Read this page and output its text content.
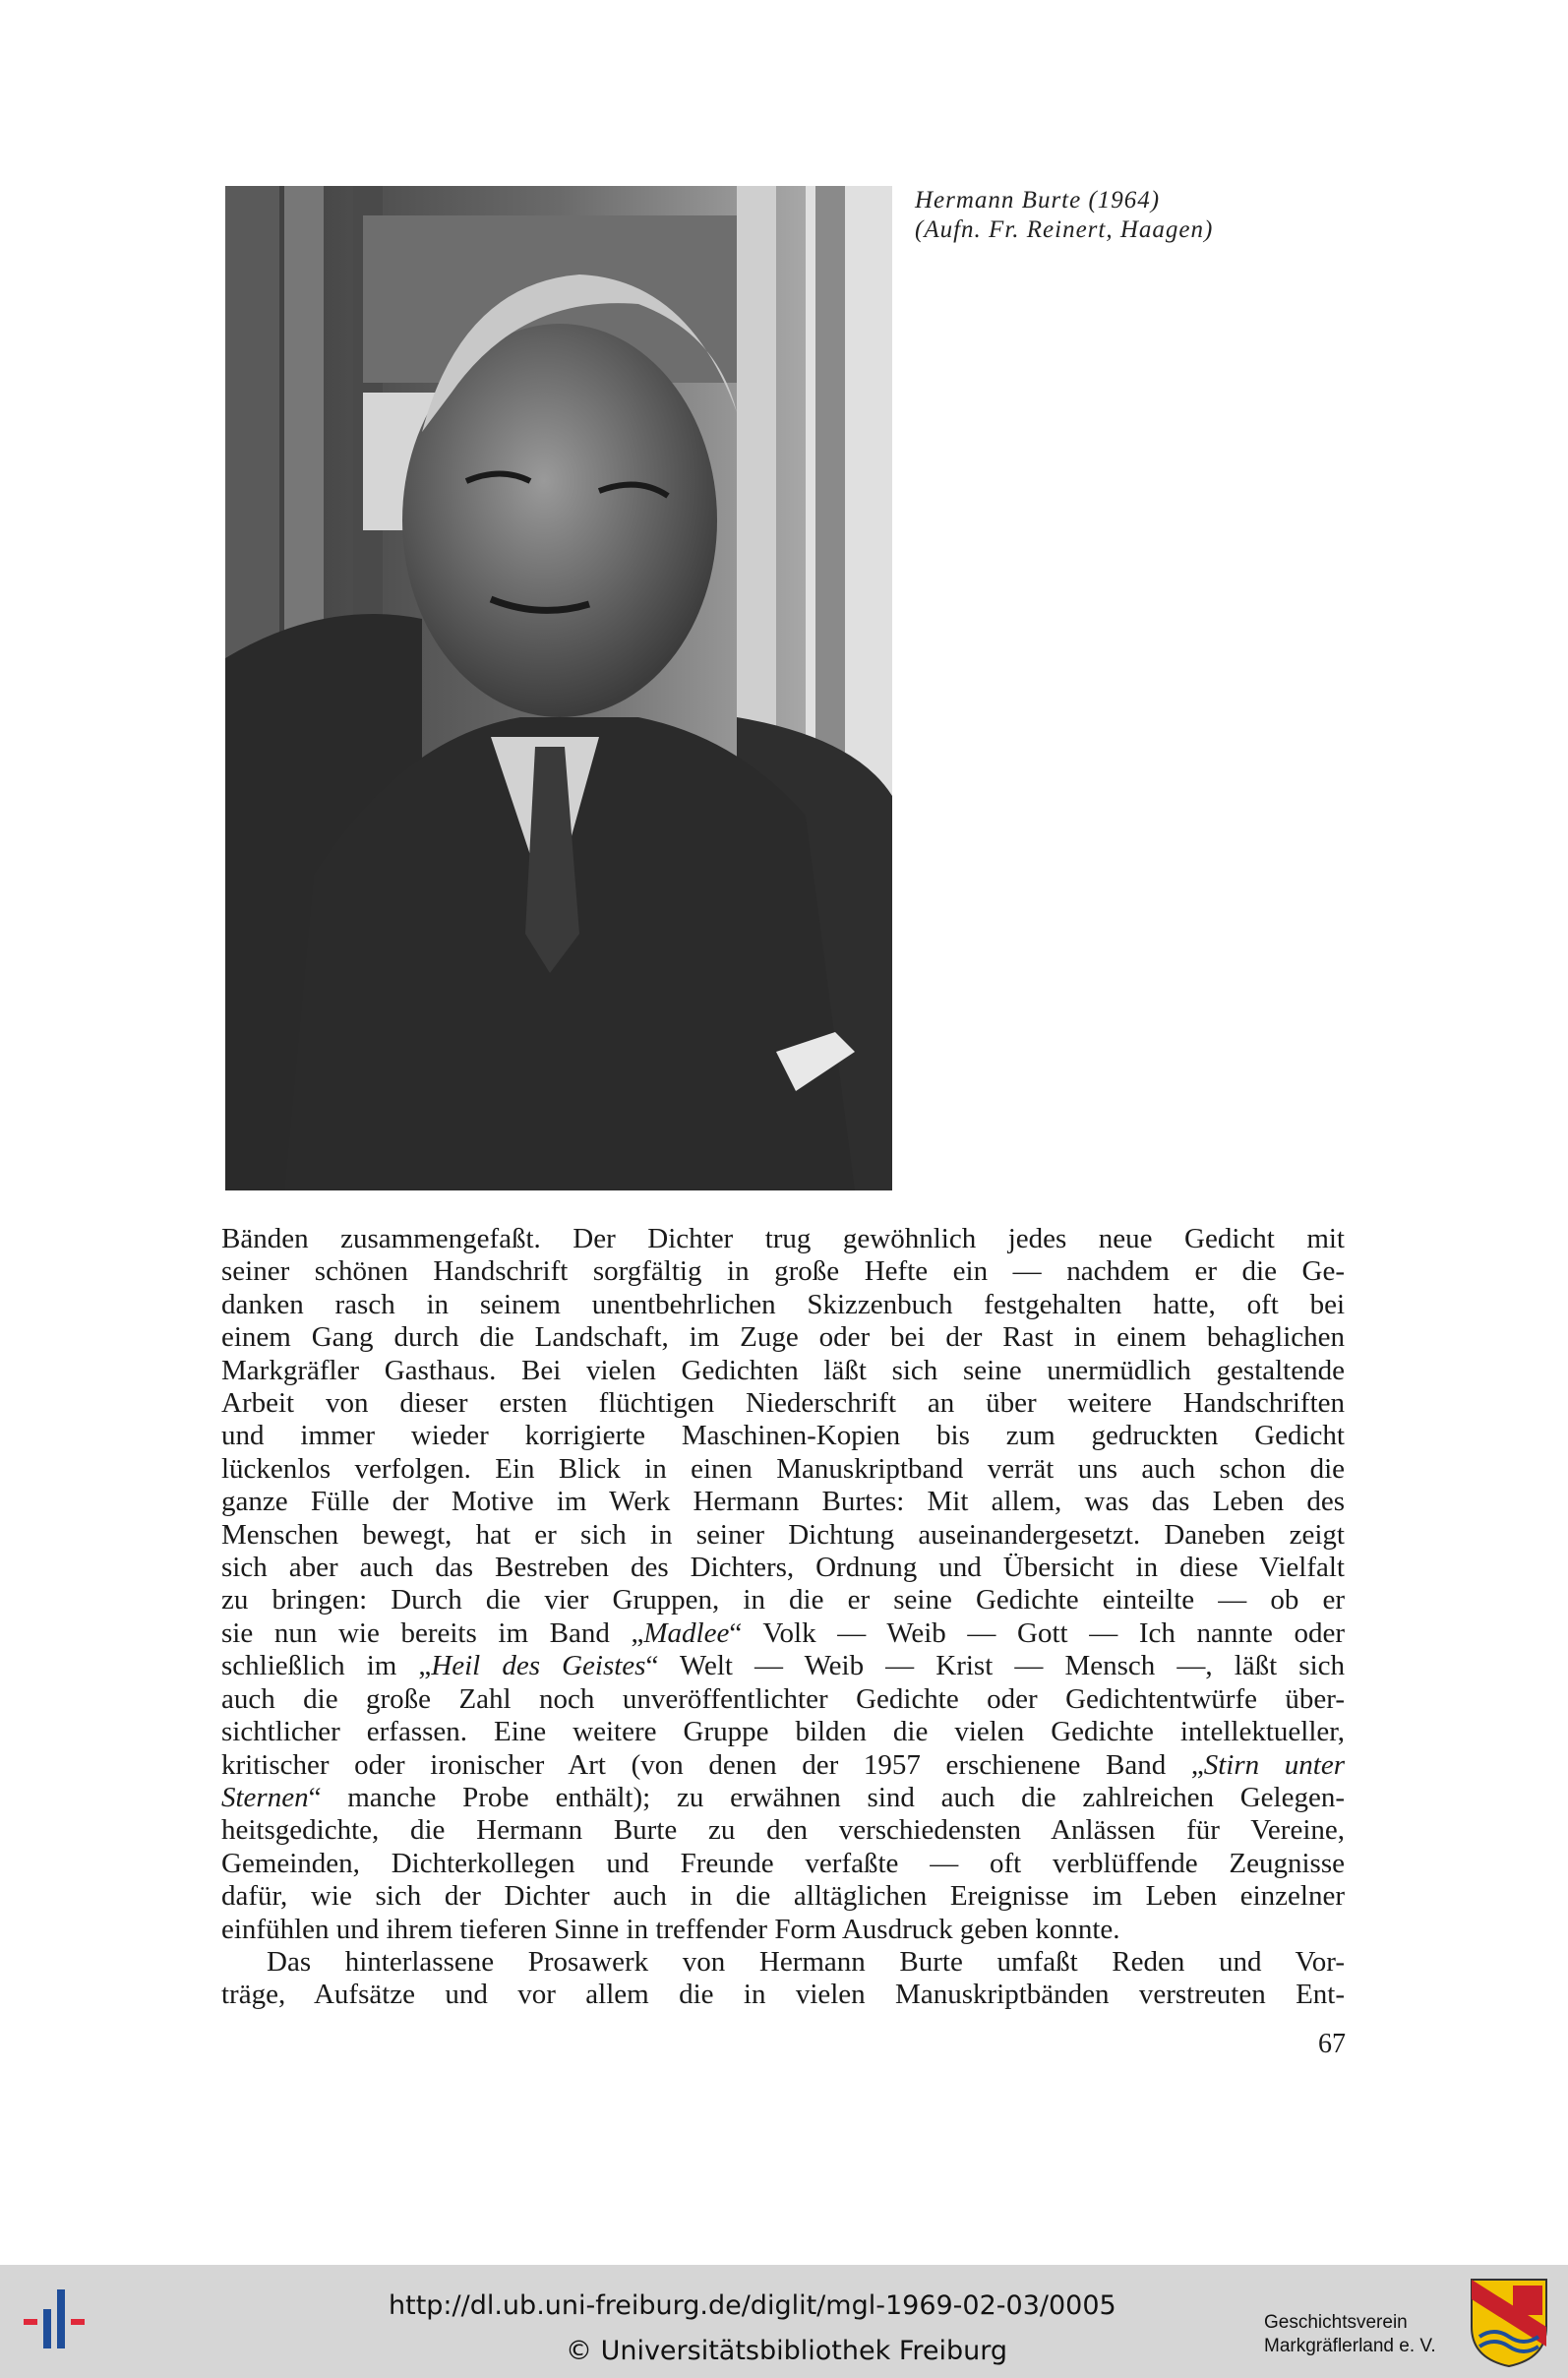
Hermann Burte (1964)
(Aufn. Fr. Reinert, Haagen)

Bänden zusammengefaßt. Der Dichter trug gewöhnlich jedes neue Gedicht mit

seiner schönen Handschrift sorgfältig in große Hefte ein — nachdem er die Ge-

danken rasch in seinem unentbehrlichen Skizzenbuch festgehalten hatte, oft bei

einem Gang durch die Landschaft, im Zuge oder bei der Rast in einem behaglichen

Markgräfler Gasthaus. Bei vielen Gedichten läßt sich seine unermüdlich gestaltende

Arbeit von dieser ersten flüchtigen Niederschrift an über weitere Handschriften

und immer wieder korrigierte Maschinen-Kopien bis zum gedruckten Gedicht

lückenlos verfolgen. Ein Blick in einen Manuskriptband verrät uns auch schon die

ganze Fülle der Motive im Werk Hermann Burtes: Mit allem, was das Leben des

Menschen bewegt, hat er sich in seiner Dichtung auseinandergesetzt. Daneben zeigt

sich aber auch das Bestreben des Dichters, Ordnung und Übersicht in diese Vielfalt

zu bringen: Durch die vier Gruppen, in die er seine Gedichte einteilte — ob er

sie nun wie bereits im Band „Madlee“ Volk — Weib — Gott — Ich nannte oder

schließlich im „Heil des Geistes“ Welt — Weib — Krist — Mensch —, läßt sich

auch die große Zahl noch unveröffentlichter Gedichte oder Gedichtentwürfe über-

sichtlicher erfassen. Eine weitere Gruppe bilden die vielen Gedichte intellektueller,

kritischer oder ironischer Art (von denen der 1957 erschienene Band „Stirn unter

Sternen“ manche Probe enthält); zu erwähnen sind auch die zahlreichen Gelegen-

heitsgedichte, die Hermann Burte zu den verschiedensten Anlässen für Vereine,

Gemeinden, Dichterkollegen und Freunde verfaßte — oft verblüffende Zeugnisse

dafür, wie sich der Dichter auch in die alltäglichen Ereignisse im Leben einzelner

einfühlen und ihrem tieferen Sinne in treffender Form Ausdruck geben konnte.

Das hinterlassene Prosawerk von Hermann Burte umfaßt Reden und Vor-

träge, Aufsätze und vor allem die in vielen Manuskriptbänden verstreuten Ent-

67
http://dl.ub.uni-freiburg.de/diglit/mgl-1969-02-03/0005
© Universitätsbibliothek Freiburg
Geschichtsverein
Markgräflerland e. V.
